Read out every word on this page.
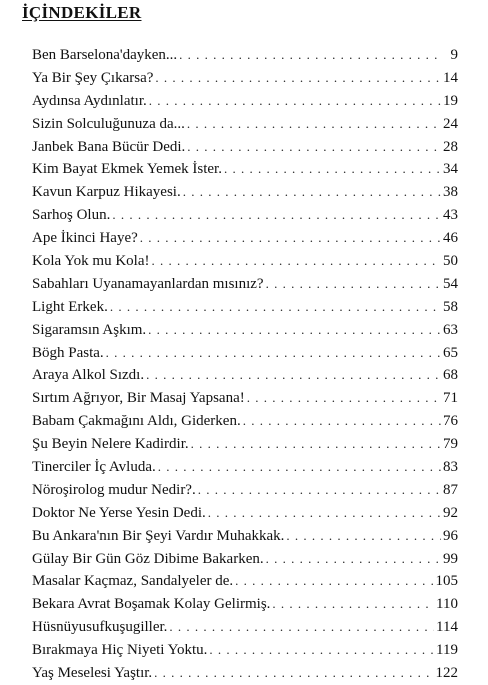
İÇİNDEKİLER
Ben Barselona'dayken... . . .	9
Ya Bir Şey Çıkarsa? . . .	14
Aydınsa Aydınlatır. . . .	19
Sizin Solculuğunuza da... . . .	24
Janbek Bana Bücür Dedi. . . .	28
Kim Bayat Ekmek Yemek İster. . . .	34
Kavun Karpuz Hikayesi. . . .	38
Sarhoş Olun. . . .	43
Ape İkinci Haye? . . .	46
Kola Yok mu Kola! . . .	50
Sabahları Uyanamayanlardan mısınız? . . .	54
Light Erkek. . . .	58
Sigaramsın Aşkım. . . .	63
Bögh Pasta. . . .	65
Araya Alkol Sızdı. . . .	68
Sırtım Ağrıyor, Bir Masaj Yapsana! . . .	71
Babam Çakmağını Aldı, Giderken. . . .	76
Şu Beyin Nelere Kadirdir. . . .	79
Tinerciler İç Avluda. . . .	83
Nöroşirolog mudur Nedir?. . . .	87
Doktor Ne Yerse Yesin Dedi. . . .	92
Bu Ankara'nın Bir Şeyi Vardır Muhakkak. . . .	96
Gülay Bir Gün Göz Dibime Bakarken. . . .	99
Masalar Kaçmaz, Sandalyeler de. . . .	105
Bekara Avrat Boşamak Kolay Gelirmiş. . . .	110
Hüsnüyusufkuşugiller. . . .	114
Bırakmaya Hiç Niyeti Yoktu. . . .	119
Yaş Meselesi Yaştır. . . .	122
